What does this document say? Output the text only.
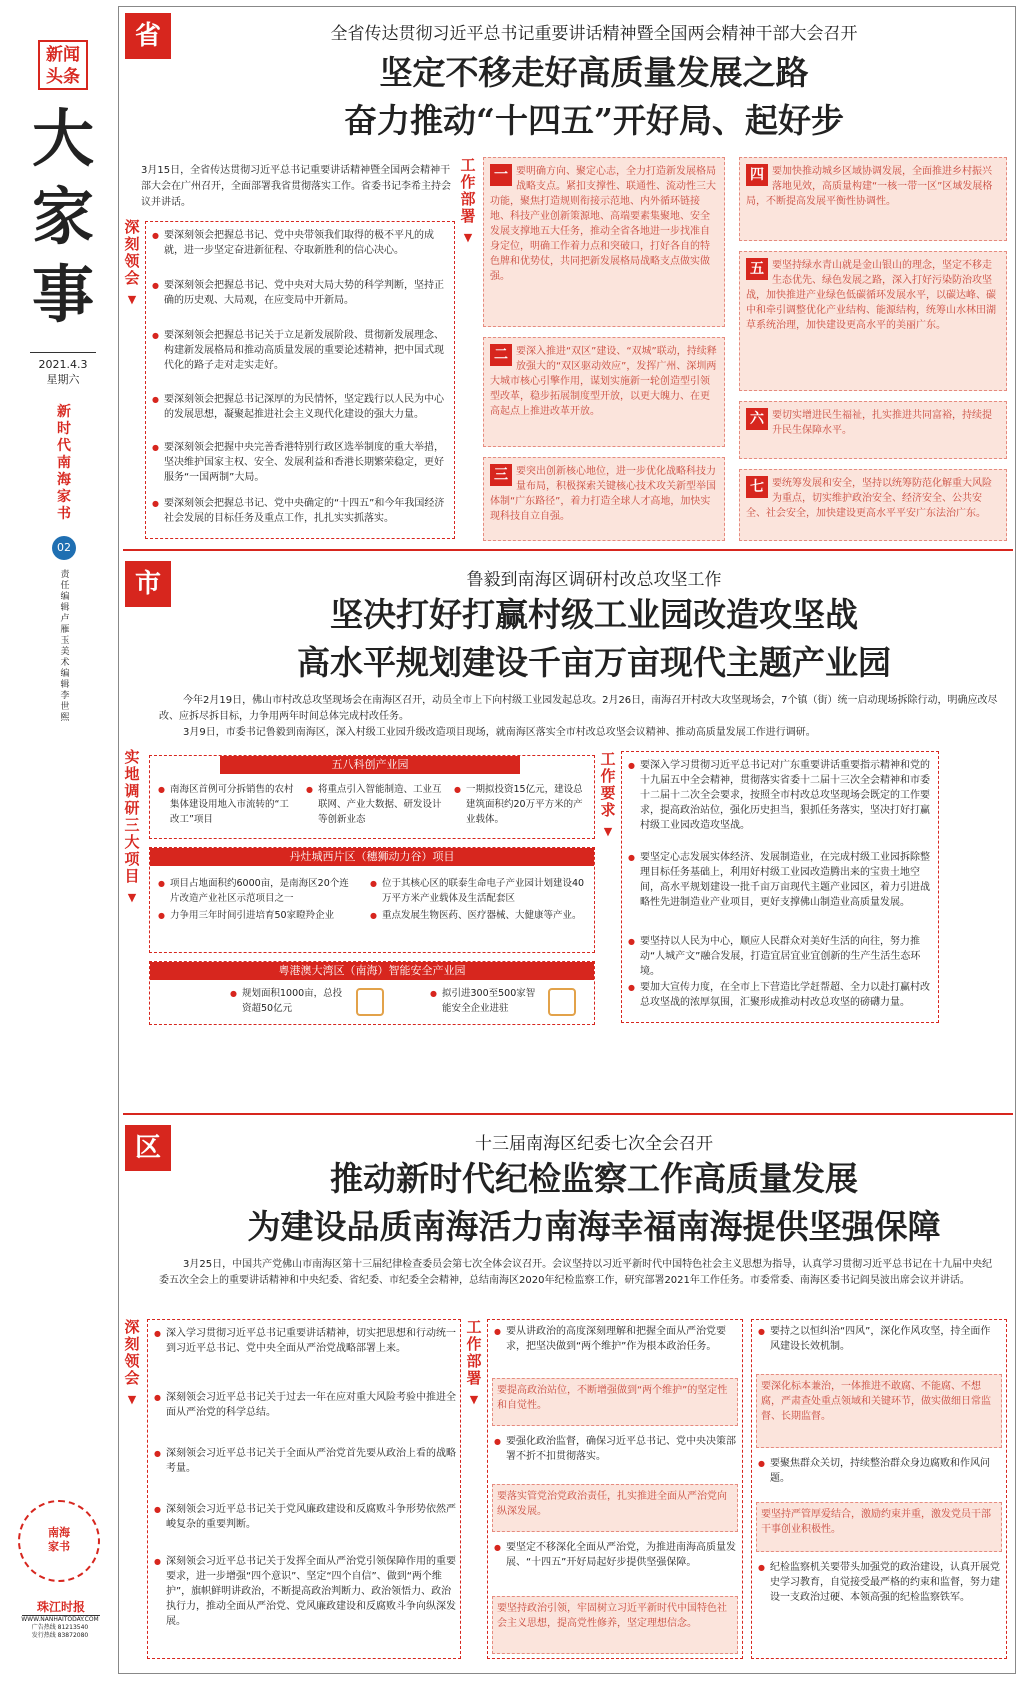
新闻
头条
大家事
2021.4.3
星期六
新时代南海家书
02
责任编辑 卢雁玉 美术编辑 李世熙
南海
家书
珠江时报
WWW.NANHAITODAY.COM
广告热线 81213540
发行热线 83872080
省	全省传达贯彻习近平总书记重要讲话精神暨全国两会精神干部大会召开
坚定不移走好高质量发展之路
奋力推动“十四五”开好局、起好步
3月15日，全省传达贯彻习近平总书记重要讲话精神暨全国两会精神干部大会在广州召开，全面部署我省贯彻落实工作。省委书记李希主持会议并讲话。
深刻领会
▼
● 要深刻领会把握总书记、党中央带领我们取得的极不平凡的成就，进一步坚定奋进新征程、夺取新胜利的信心决心。
● 要深刻领会把握总书记、党中央对大局大势的科学判断，坚持正确的历史观、大局观，在应变局中开新局。
● 要深刻领会把握总书记关于立足新发展阶段、贯彻新发展理念、构建新发展格局和推动高质量发展的重要论述精神，把中国式现代化的路子走对走实走好。
● 要深刻领会把握总书记深厚的为民情怀，坚定践行以人民为中心的发展思想，凝聚起推进社会主义现代化建设的强大力量。
● 要深刻领会把握中央完善香港特别行政区选举制度的重大举措，坚决维护国家主权、安全、发展利益和香港长期繁荣稳定，更好服务“一国两制”大局。
● 要深刻领会把握总书记、党中央确定的“十四五”和今年我国经济社会发展的目标任务及重点工作，扎扎实实抓落实。
工作部署
▼
一 要明确方向、聚定心志，全力打造新发展格局战略支点。紧扣支撑性、联通性、流动性三大功能，聚焦打造规则衔接示范地、内外循环链接地、科技产业创新策源地、高端要素集聚地、安全发展支撑地五大任务，推动全省各地进一步找准自身定位，明确工作着力点和突破口，打好各自的特色牌和优势仗，共同把新发展格局战略支点做实做强。
二 要深入推进“双区”建设、“双城”联动，持续释放强大的“双区驱动效应”，发挥广州、深圳两大城市核心引擎作用，谋划实施新一轮创造型引领型改革，稳步拓展制度型开放，以更大魄力、在更高起点上推进改革开放。
三 要突出创新核心地位，进一步优化战略科技力量布局，积极探索关键核心技术攻关新型举国体制“广东路径”，着力打造全球人才高地，加快实现科技自立自强。
四 要加快推动城乡区域协调发展，全面推进乡村振兴落地见效，高质量构建“一核一带一区”区域发展格局，不断提高发展平衡性协调性。
五 要坚持绿水青山就是金山银山的理念，坚定不移走生态优先、绿色发展之路，深入打好污染防治攻坚战，加快推进产业绿色低碳循环发展水平，以碳达峰、碳中和牵引调整优化产业结构、能源结构，统筹山水林田湖草系统治理，加快建设更高水平的美丽广东。
六 要切实增进民生福祉，扎实推进共同富裕，持续提升民生保障水平。
七 要统筹发展和安全，坚持以统筹防范化解重大风险为重点，切实维护政治安全、经济安全、公共安全、社会安全，加快建设更高水平平安广东法治广东。
市	鲁毅到南海区调研村改总攻坚工作
坚决打好打赢村级工业园改造攻坚战
高水平规划建设千亩万亩现代主题产业园
今年2月19日，佛山市村改总攻坚现场会在南海区召开，动员全市上下向村级工业园发起总攻。2月26日，南海召开村改大攻坚现场会，7个镇（街）统一启动现场拆除行动，明确应改尽改、应拆尽拆目标，力争用两年时间总体完成村改任务。
3月9日，市委书记鲁毅到南海区，深入村级工业园升级改造项目现场，就南海区落实全市村改总攻坚会议精神、推动高质量发展工作进行调研。
实地调研三大项目
▼
五八科创产业园
● 南海区首例可分拆销售的农村集体建设用地入市流转的“工改工”项目
● 将重点引入智能制造、工业互联网、产业大数据、研发设计等创新业态
● 一期拟投资15亿元，建设总建筑面积约20万平方米的产业载体。
丹灶城西片区（穗狮动力谷）项目
● 项目占地面积约6000亩，是南海区20个连片改造产业社区示范项目之一
● 力争用三年时间引进培育50家瞪羚企业
● 位于其核心区的联泰生命电子产业园计划建设40万平方米产业载体及生活配套区
● 重点发展生物医药、医疗器械、大健康等产业。
粤港澳大湾区（南海）智能安全产业园
● 规划面积1000亩，总投资超50亿元
● 拟引进300至500家智能安全企业进驻
工作要求
▼
● 要深入学习贯彻习近平总书记对广东重要讲话重要指示精神和党的十九届五中全会精神，贯彻落实省委十二届十三次全会精神和市委十二届十二次全会要求，按照全市村改总攻坚现场会既定的工作要求，提高政治站位，强化历史担当，狠抓任务落实，坚决打好打赢村级工业园改造攻坚战。
● 要坚定心志发展实体经济、发展制造业，在完成村级工业园拆除整理目标任务基础上，利用好村级工业园改造腾出来的宝贵土地空间，高水平规划建设一批千亩万亩现代主题产业园区，着力引进战略性先进制造业产业项目，更好支撑佛山制造业高质量发展。
● 要坚持以人民为中心，顺应人民群众对美好生活的向往，努力推动“人城产文”融合发展，打造宜居宜业宜创新的生产生活生态环境。
● 要加大宣传力度，在全市上下营造比学赶帮超、全力以赴打赢村改总攻坚战的浓厚氛围，汇聚形成推动村改总攻坚的磅礴力量。
区	十三届南海区纪委七次全会召开
推动新时代纪检监察工作高质量发展
为建设品质南海活力南海幸福南海提供坚强保障
3月25日，中国共产党佛山市南海区第十三届纪律检查委员会第七次全体会议召开。会议坚持以习近平新时代中国特色社会主义思想为指导，认真学习贯彻习近平总书记在十九届中央纪委五次全会上的重要讲话精神和中央纪委、省纪委、市纪委全会精神，总结南海区2020年纪检监察工作，研究部署2021年工作任务。市委常委、南海区委书记阎昊波出席会议并讲话。
深刻领会
▼
● 深入学习贯彻习近平总书记重要讲话精神，切实把思想和行动统一到习近平总书记、党中央全面从严治党战略部署上来。
● 深刻领会习近平总书记关于过去一年在应对重大风险考验中推进全面从严治党的科学总结。
● 深刻领会习近平总书记关于全面从严治党首先要从政治上看的战略考量。
● 深刻领会习近平总书记关于党风廉政建设和反腐败斗争形势依然严峻复杂的重要判断。
● 深刻领会习近平总书记关于发挥全面从严治党引领保障作用的重要要求，进一步增强“四个意识”、坚定“四个自信”、做到“两个维护”，旗帜鲜明讲政治，不断提高政治判断力、政治领悟力、政治执行力，推动全面从严治党、党风廉政建设和反腐败斗争向纵深发展。
工作部署
▼
● 要从讲政治的高度深刻理解和把握全面从严治党要求，把坚决做到“两个维护”作为根本政治任务。
要提高政治站位，不断增强做到“两个维护”的坚定性和自觉性。
● 要强化政治监督，确保习近平总书记、党中央决策部署不折不扣贯彻落实。
要落实管党治党政治责任，扎实推进全面从严治党向纵深发展。
● 要坚定不移深化全面从严治党，为推进南海高质量发展、“十四五”开好局起好步提供坚强保障。
要坚持政治引领，牢固树立习近平新时代中国特色社会主义思想，提高党性修养，坚定理想信念。
● 要持之以恒纠治“四风”，深化作风攻坚，持全面作风建设长效机制。
要深化标本兼治，一体推进不敢腐、不能腐、不想腐，严肃查处重点领域和关键环节，做实做细日常监督、长期监督。
● 要聚焦群众关切，持续整治群众身边腐败和作风问题。
要坚持严管厚爱结合，激励约束并重，激发党员干部干事创业积极性。
● 纪检监察机关要带头加强党的政治建设，认真开展党史学习教育，自觉接受最严格的约束和监督，努力建设一支政治过硬、本领高强的纪检监察铁军。
